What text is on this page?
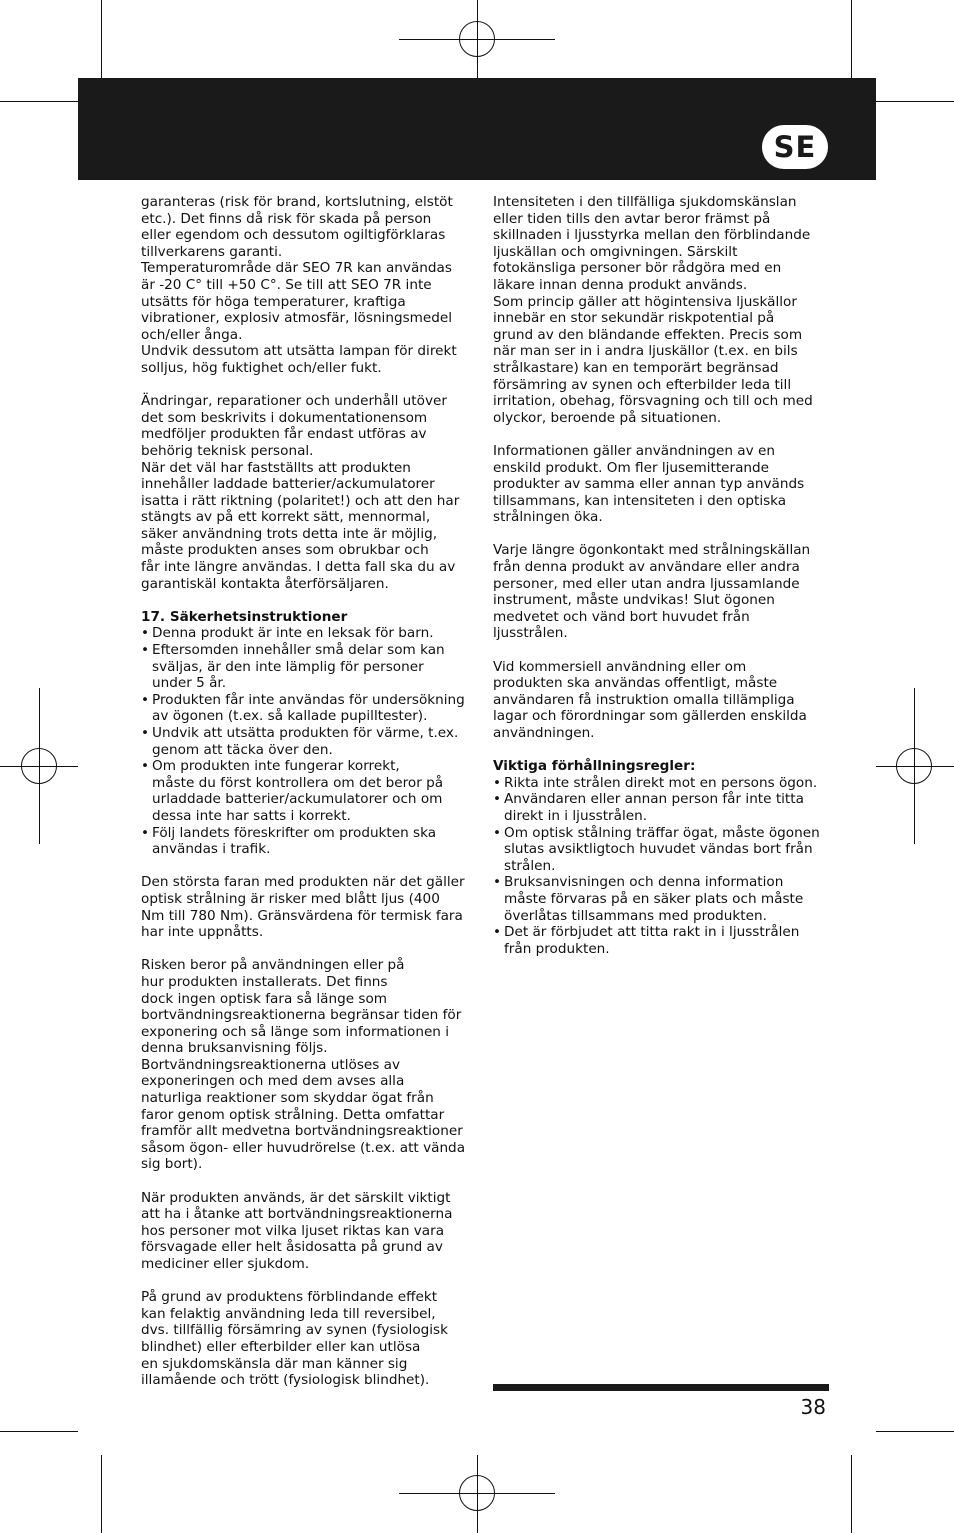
SE
garanteras (risk för brand, kortslutning, elstöt
etc.). Det finns då risk för skada på person
eller egendom och dessutom ogiltigförklaras
tillverkarens garanti.
Temperaturområde där SEO 7R kan användas
är -20 C° till +50 C°. Se till att SEO 7R inte
utsätts för höga temperaturer, kraftiga
vibrationer, explosiv atmosfär, lösningsmedel
och/eller ånga.
Undvik dessutom att utsätta lampan för direkt
solljus, hög fuktighet och/eller fukt.
Ändringar, reparationer och underhåll utöver
det som beskrivits i dokumentationensom
medföljer produkten får endast utföras av
behörig teknisk personal.
När det väl har fastställts att produkten
innehåller laddade batterier/ackumulatorer
isatta i rätt riktning (polaritet!) och att den har
stängts av på ett korrekt sätt, mennormal,
säker användning trots detta inte är möjlig,
måste produkten anses som obrukbar och
får inte längre användas. I detta fall ska du av
garantiskäl kontakta återförsäljaren.
17. Säkerhetsinstruktioner
• Denna produkt är inte en leksak för barn.
• Eftersomden innehåller små delar som kan
sväljas, är den inte lämplig för personer
under 5 år.
• Produkten får inte användas för undersökning
av ögonen (t.ex. så kallade pupilltester).
• Undvik att utsätta produkten för värme, t.ex.
genom att täcka över den.
• Om produkten inte fungerar korrekt,
måste du först kontrollera om det beror på
urladdade batterier/ackumulatorer och om
dessa inte har satts i korrekt.
• Följ landets föreskrifter om produkten ska
användas i trafik.
Den största faran med produkten när det gäller
optisk strålning är risker med blått ljus (400
Nm till 780 Nm). Gränsvärdena för termisk fara
har inte uppnåtts.
Risken beror på användningen eller på
hur produkten installerats. Det finns
dock ingen optisk fara så länge som
bortvändningsreaktionerna begränsar tiden för
exponering och så länge som informationen i
denna bruksanvisning följs.
Bortvändningsreaktionerna utlöses av
exponeringen och med dem avses alla
naturliga reaktioner som skyddar ögat från
faror genom optisk strålning. Detta omfattar
framför allt medvetna bortvändningsreaktioner
såsom ögon- eller huvudrörelse (t.ex. att vända
sig bort).
När produkten används, är det särskilt viktigt
att ha i åtanke att bortvändningsreaktionerna
hos personer mot vilka ljuset riktas kan vara
försvagade eller helt åsidosatta på grund av
mediciner eller sjukdom.
På grund av produktens förblindande effekt
kan felaktig användning leda till reversibel,
dvs. tillfällig försämring av synen (fysiologisk
blindhet) eller efterbilder eller kan utlösa
en sjukdomskänsla där man känner sig
illamående och trött (fysiologisk blindhet).
Intensiteten i den tillfälliga sjukdomskänslan
eller tiden tills den avtar beror främst på
skillnaden i ljusstyrka mellan den förblindande
ljuskällan och omgivningen. Särskilt
fotokänsliga personer bör rådgöra med en
läkare innan denna produkt används.
Som princip gäller att högintensiva ljuskällor
innebär en stor sekundär riskpotential på
grund av den bländande effekten. Precis som
när man ser in i andra ljuskällor (t.ex. en bils
strålkastare) kan en temporärt begränsad
försämring av synen och efterbilder leda till
irritation, obehag, försvagning och till och med
olyckor, beroende på situationen.
Informationen gäller användningen av en
enskild produkt. Om fler ljusemitterande
produkter av samma eller annan typ används
tillsammans, kan intensiteten i den optiska
strålningen öka.
Varje längre ögonkontakt med strålningskällan
från denna produkt av användare eller andra
personer, med eller utan andra ljussamlande
instrument, måste undvikas! Slut ögonen
medvetet och vänd bort huvudet från
ljusstrålen.
Vid kommersiell användning eller om
produkten ska användas offentligt, måste
användaren få instruktion omalla tillämpliga
lagar och förordningar som gällerden enskilda
användningen.
Viktiga förhållningsregler:
• Rikta inte strålen direkt mot en persons ögon.
• Användaren eller annan person får inte titta
direkt in i ljusstrålen.
• Om optisk stålning träffar ögat, måste ögonen
slutas avsiktligtoch huvudet vändas bort från
strålen.
• Bruksanvisningen och denna information
måste förvaras på en säker plats och måste
överlåtas tillsammans med produkten.
• Det är förbjudet att titta rakt in i ljusstrålen
från produkten.
38
